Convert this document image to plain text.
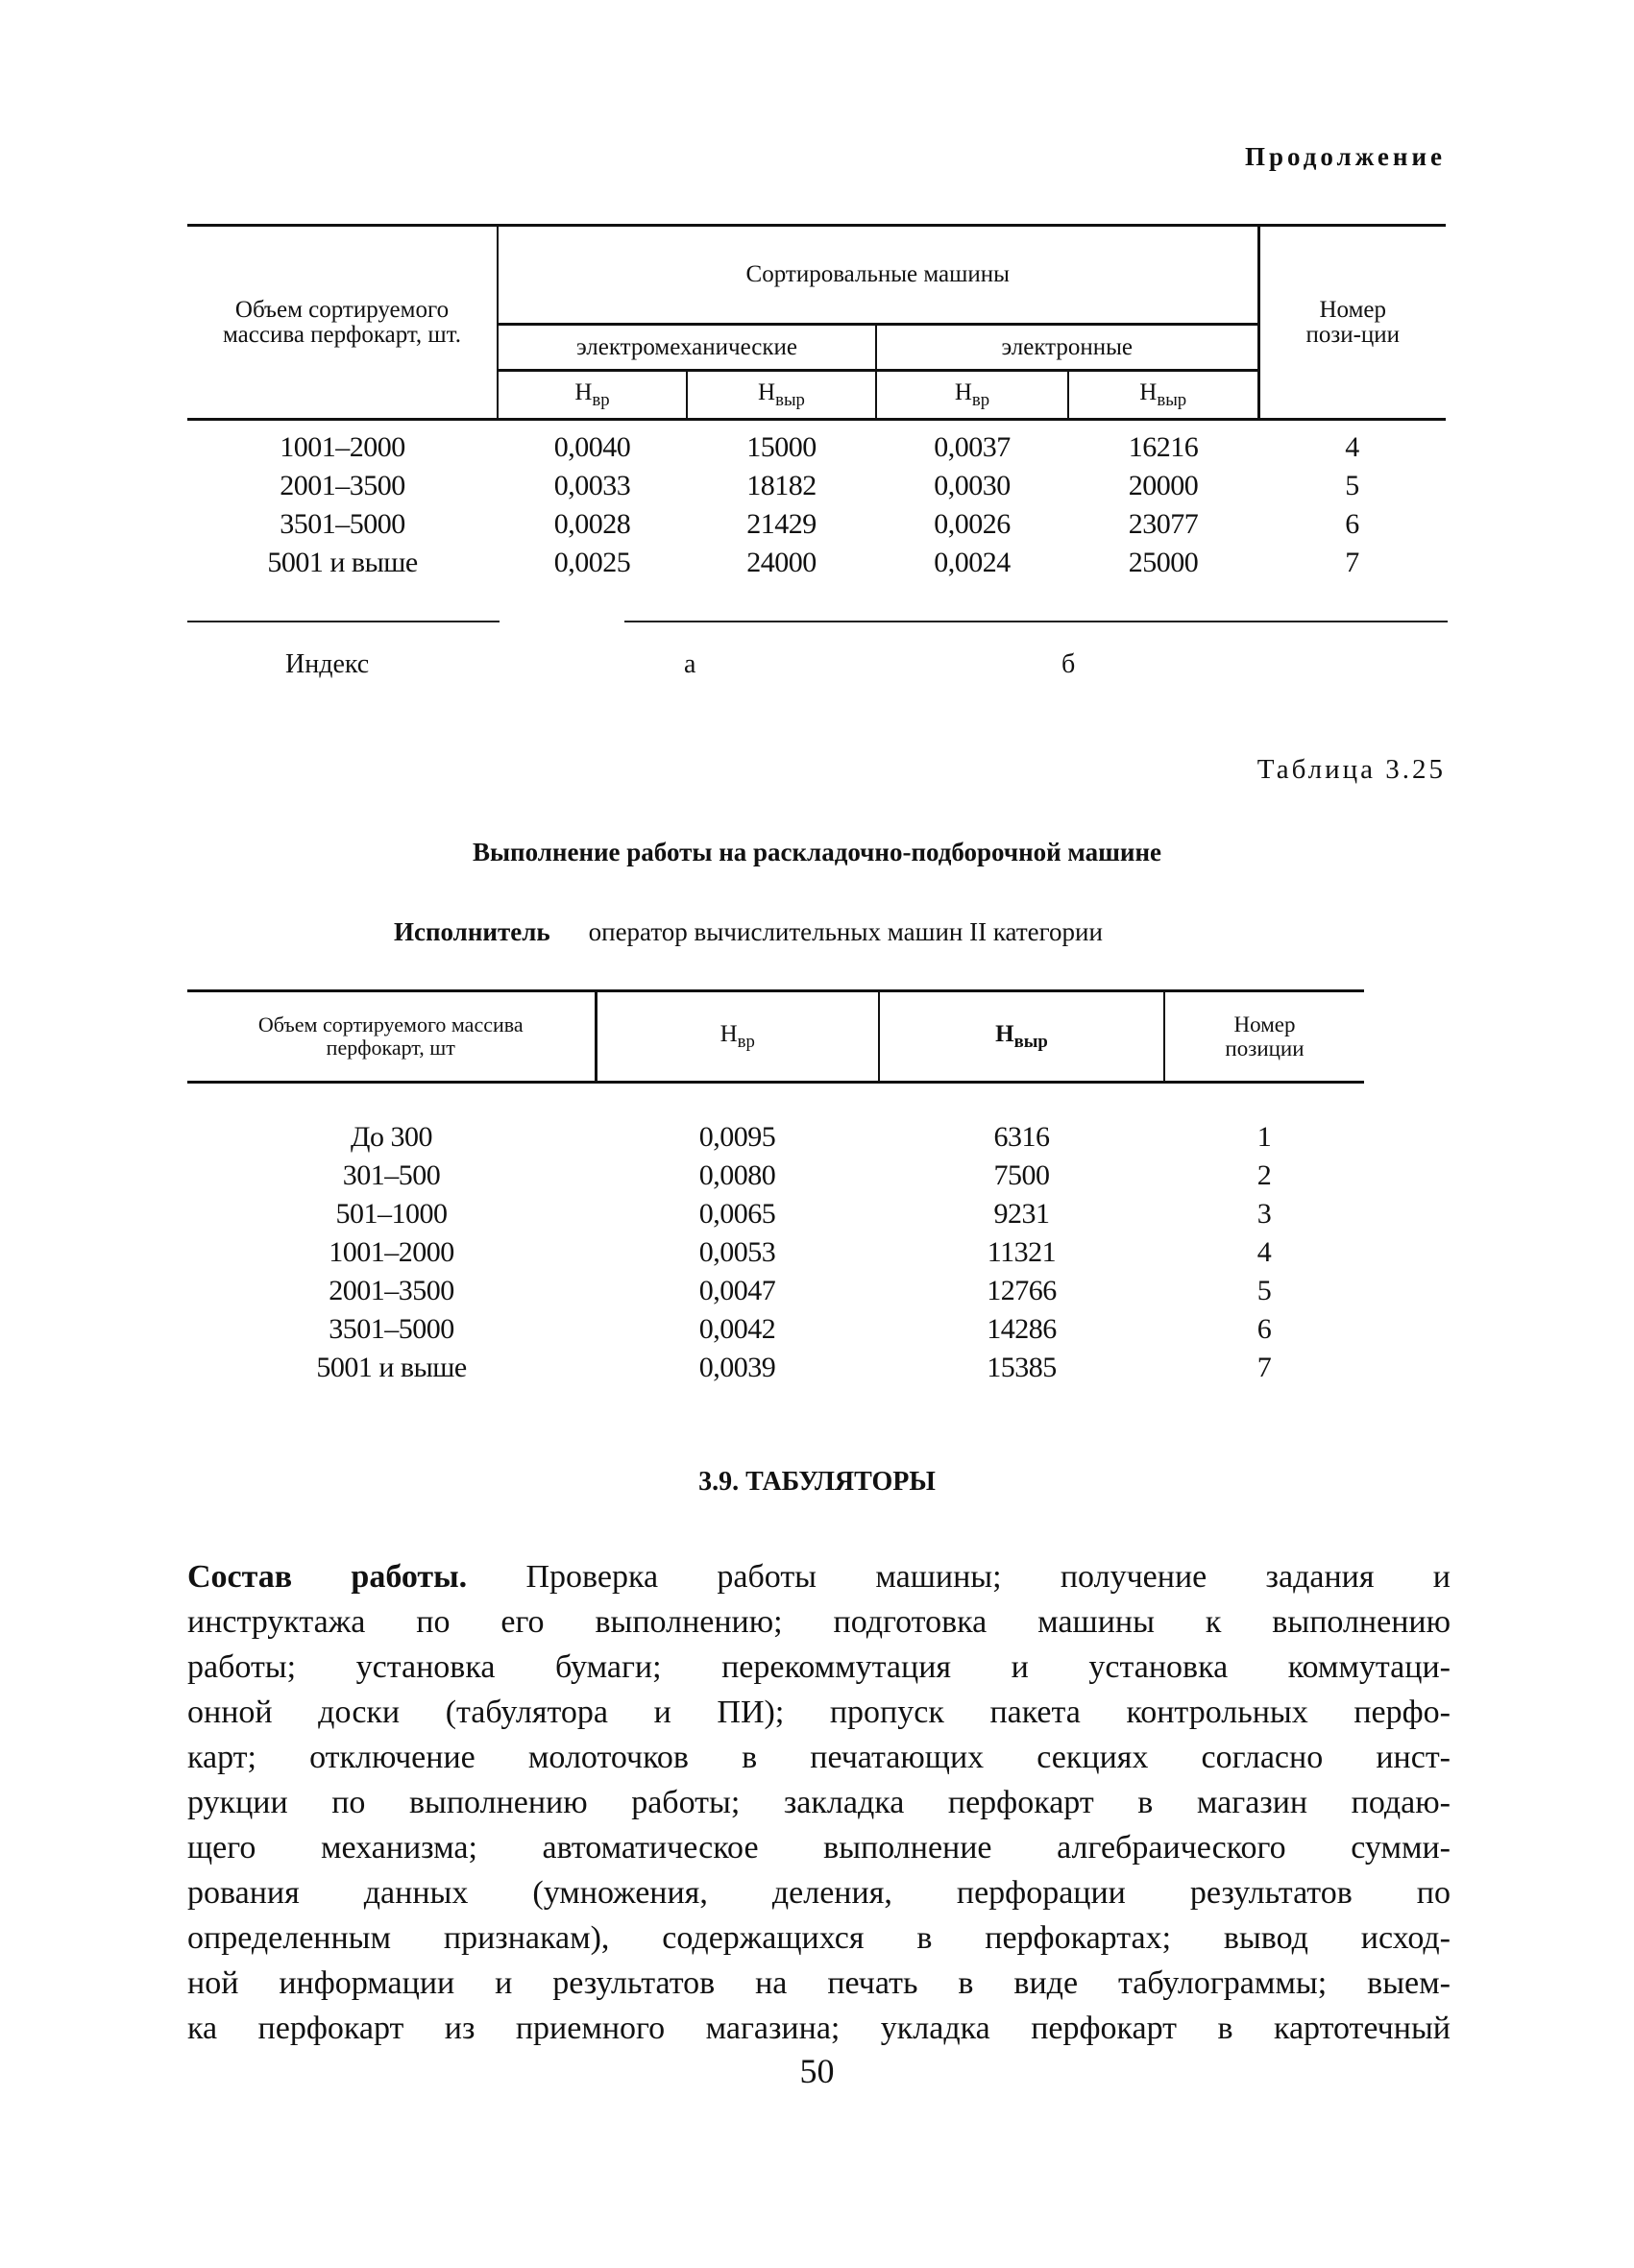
Продолжение
Объем сортируемого массива перфокарт, шт.	Сортировальные машины				Номер пози-ции
	электромеханические		электронные		
	$Н_{вр}$	$Н_{выр}$	$Н_{вр}$	$Н_{выр}$

1001–2000	0,0040	15000	0,0037	16216	4
2001–3500	0,0033	18182	0,0030	20000	5
3501–5000	0,0028	21429	0,0026	23077	6
5001 и выше	0,0025	24000	0,0024	25000	7
Индекс	а	б
Таблица 3.25
Выполнение работы на раскладочно-подборочной машине
Исполнитель оператор вычислительных машин II категории
Объем сортируемого массива перфокарт, шт	$Н_{вр}$	$Н_{выр}$	Номер позиции

До 300	0,0095	6316	1
301–500	0,0080	7500	2
501–1000	0,0065	9231	3
1001–2000	0,0053	11321	4
2001–3500	0,0047	12766	5
3501–5000	0,0042	14286	6
5001 и выше	0,0039	15385	7
3.9. ТАБУЛЯТОРЫ
Состав работы. Проверка работы машины; получение задания и
инструктажа по его выполнению; подготовка машины к выполнению
работы; установка бумаги; перекоммутация и установка коммутаци-
онной доски (табулятора и ПИ); пропуск пакета контрольных перфо-
карт; отключение молоточков в печатающих секциях согласно инст-
рукции по выполнению работы; закладка перфокарт в магазин подаю-
щего механизма; автоматическое выполнение алгебраического сумми-
рования данных (умножения, деления, перфорации результатов по
определенным признакам), содержащихся в перфокартах; вывод исход-
ной информации и результатов на печать в виде табулограммы; выем-
ка перфокарт из приемного магазина; укладка перфокарт в картотечный
50
